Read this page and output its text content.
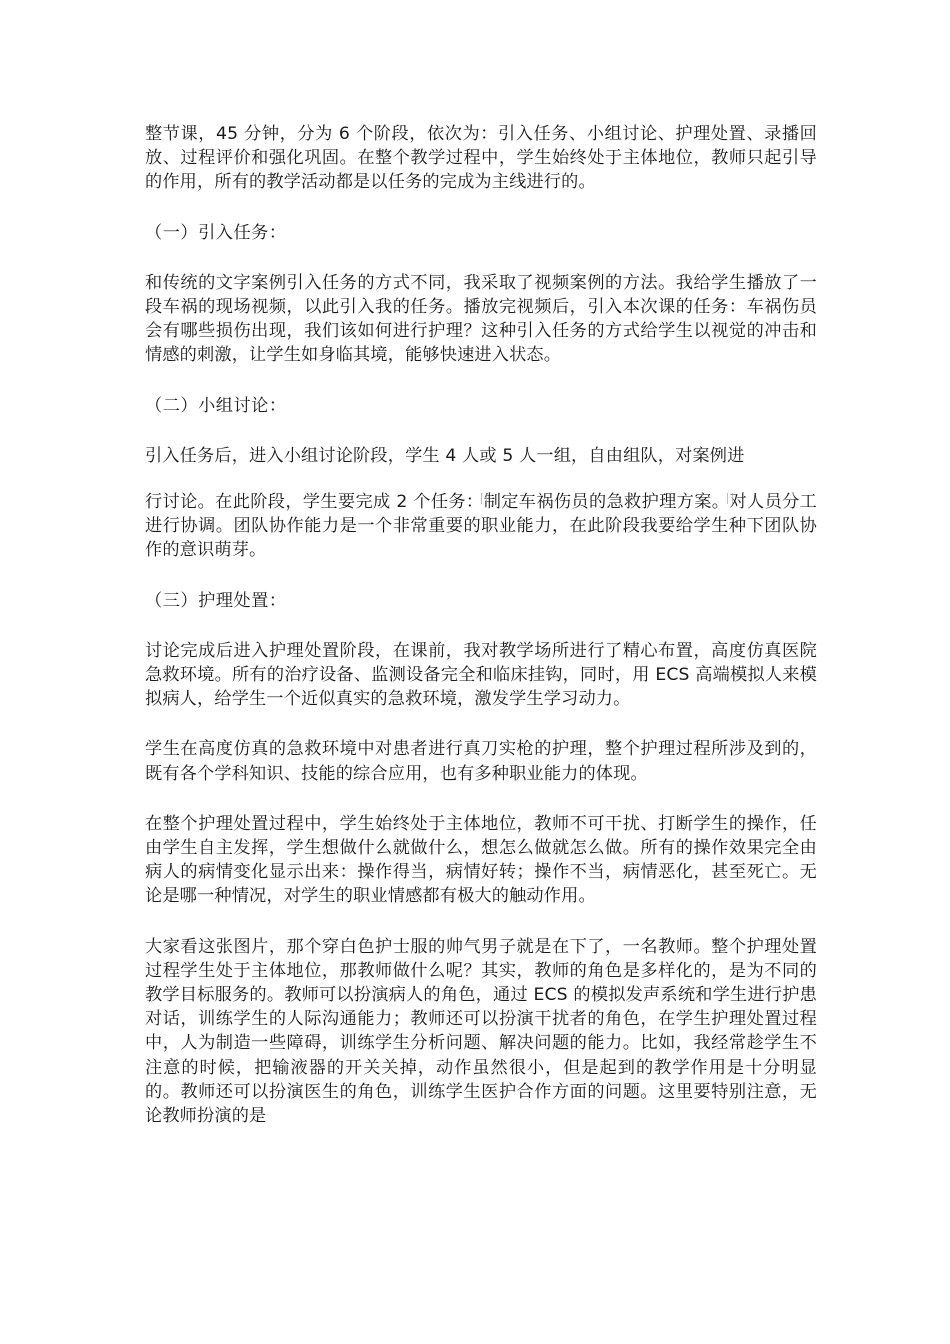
整节课，45 分钟，分为 6 个阶段，依次为：引入任务、小组讨论、护理处置、录播回放、过程评价和强化巩固。在整个教学过程中，学生始终处于主体地位，教师只起引导的作用，所有的教学活动都是以任务的完成为主线进行的。

（一）引入任务：

和传统的文字案例引入任务的方式不同，我采取了视频案例的方法。我给学生播放了一段车祸的现场视频，以此引入我的任务。播放完视频后，引入本次课的任务：车祸伤员会有哪些损伤出现，我们该如何进行护理？这种引入任务的方式给学生以视觉的冲击和情感的刺激，让学生如身临其境，能够快速进入状态。

（二）小组讨论：

引入任务后，进入小组讨论阶段，学生 4 人或 5 人一组，自由组队，对案例进

行讨论。在此阶段，学生要完成 2 个任务：制定车祸伤员的急救护理方案。对人员分工进行协调。团队协作能力是一个非常重要的职业能力，在此阶段我要给学生种下团队协作的意识萌芽。

（三）护理处置：

讨论完成后进入护理处置阶段，在课前，我对教学场所进行了精心布置，高度仿真医院急救环境。所有的治疗设备、监测设备完全和临床挂钩，同时，用 ECS 高端模拟人来模拟病人，给学生一个近似真实的急救环境，激发学生学习动力。

学生在高度仿真的急救环境中对患者进行真刀实枪的护理，整个护理过程所涉及到的，既有各个学科知识、技能的综合应用，也有多种职业能力的体现。

在整个护理处置过程中，学生始终处于主体地位，教师不可干扰、打断学生的操作，任由学生自主发挥，学生想做什么就做什么，想怎么做就怎么做。所有的操作效果完全由病人的病情变化显示出来：操作得当，病情好转；操作不当，病情恶化，甚至死亡。无论是哪一种情况，对学生的职业情感都有极大的触动作用。

大家看这张图片，那个穿白色护士服的帅气男子就是在下了，一名教师。整个护理处置过程学生处于主体地位，那教师做什么呢？其实，教师的角色是多样化的，是为不同的教学目标服务的。教师可以扮演病人的角色，通过 ECS 的模拟发声系统和学生进行护患对话，训练学生的人际沟通能力；教师还可以扮演干扰者的角色，在学生护理处置过程中，人为制造一些障碍，训练学生分析问题、解决问题的能力。比如，我经常趁学生不注意的时候，把输液器的开关关掉，动作虽然很小，但是起到的教学作用是十分明显的。教师还可以扮演医生的角色，训练学生医护合作方面的问题。这里要特别注意，无论教师扮演的是
